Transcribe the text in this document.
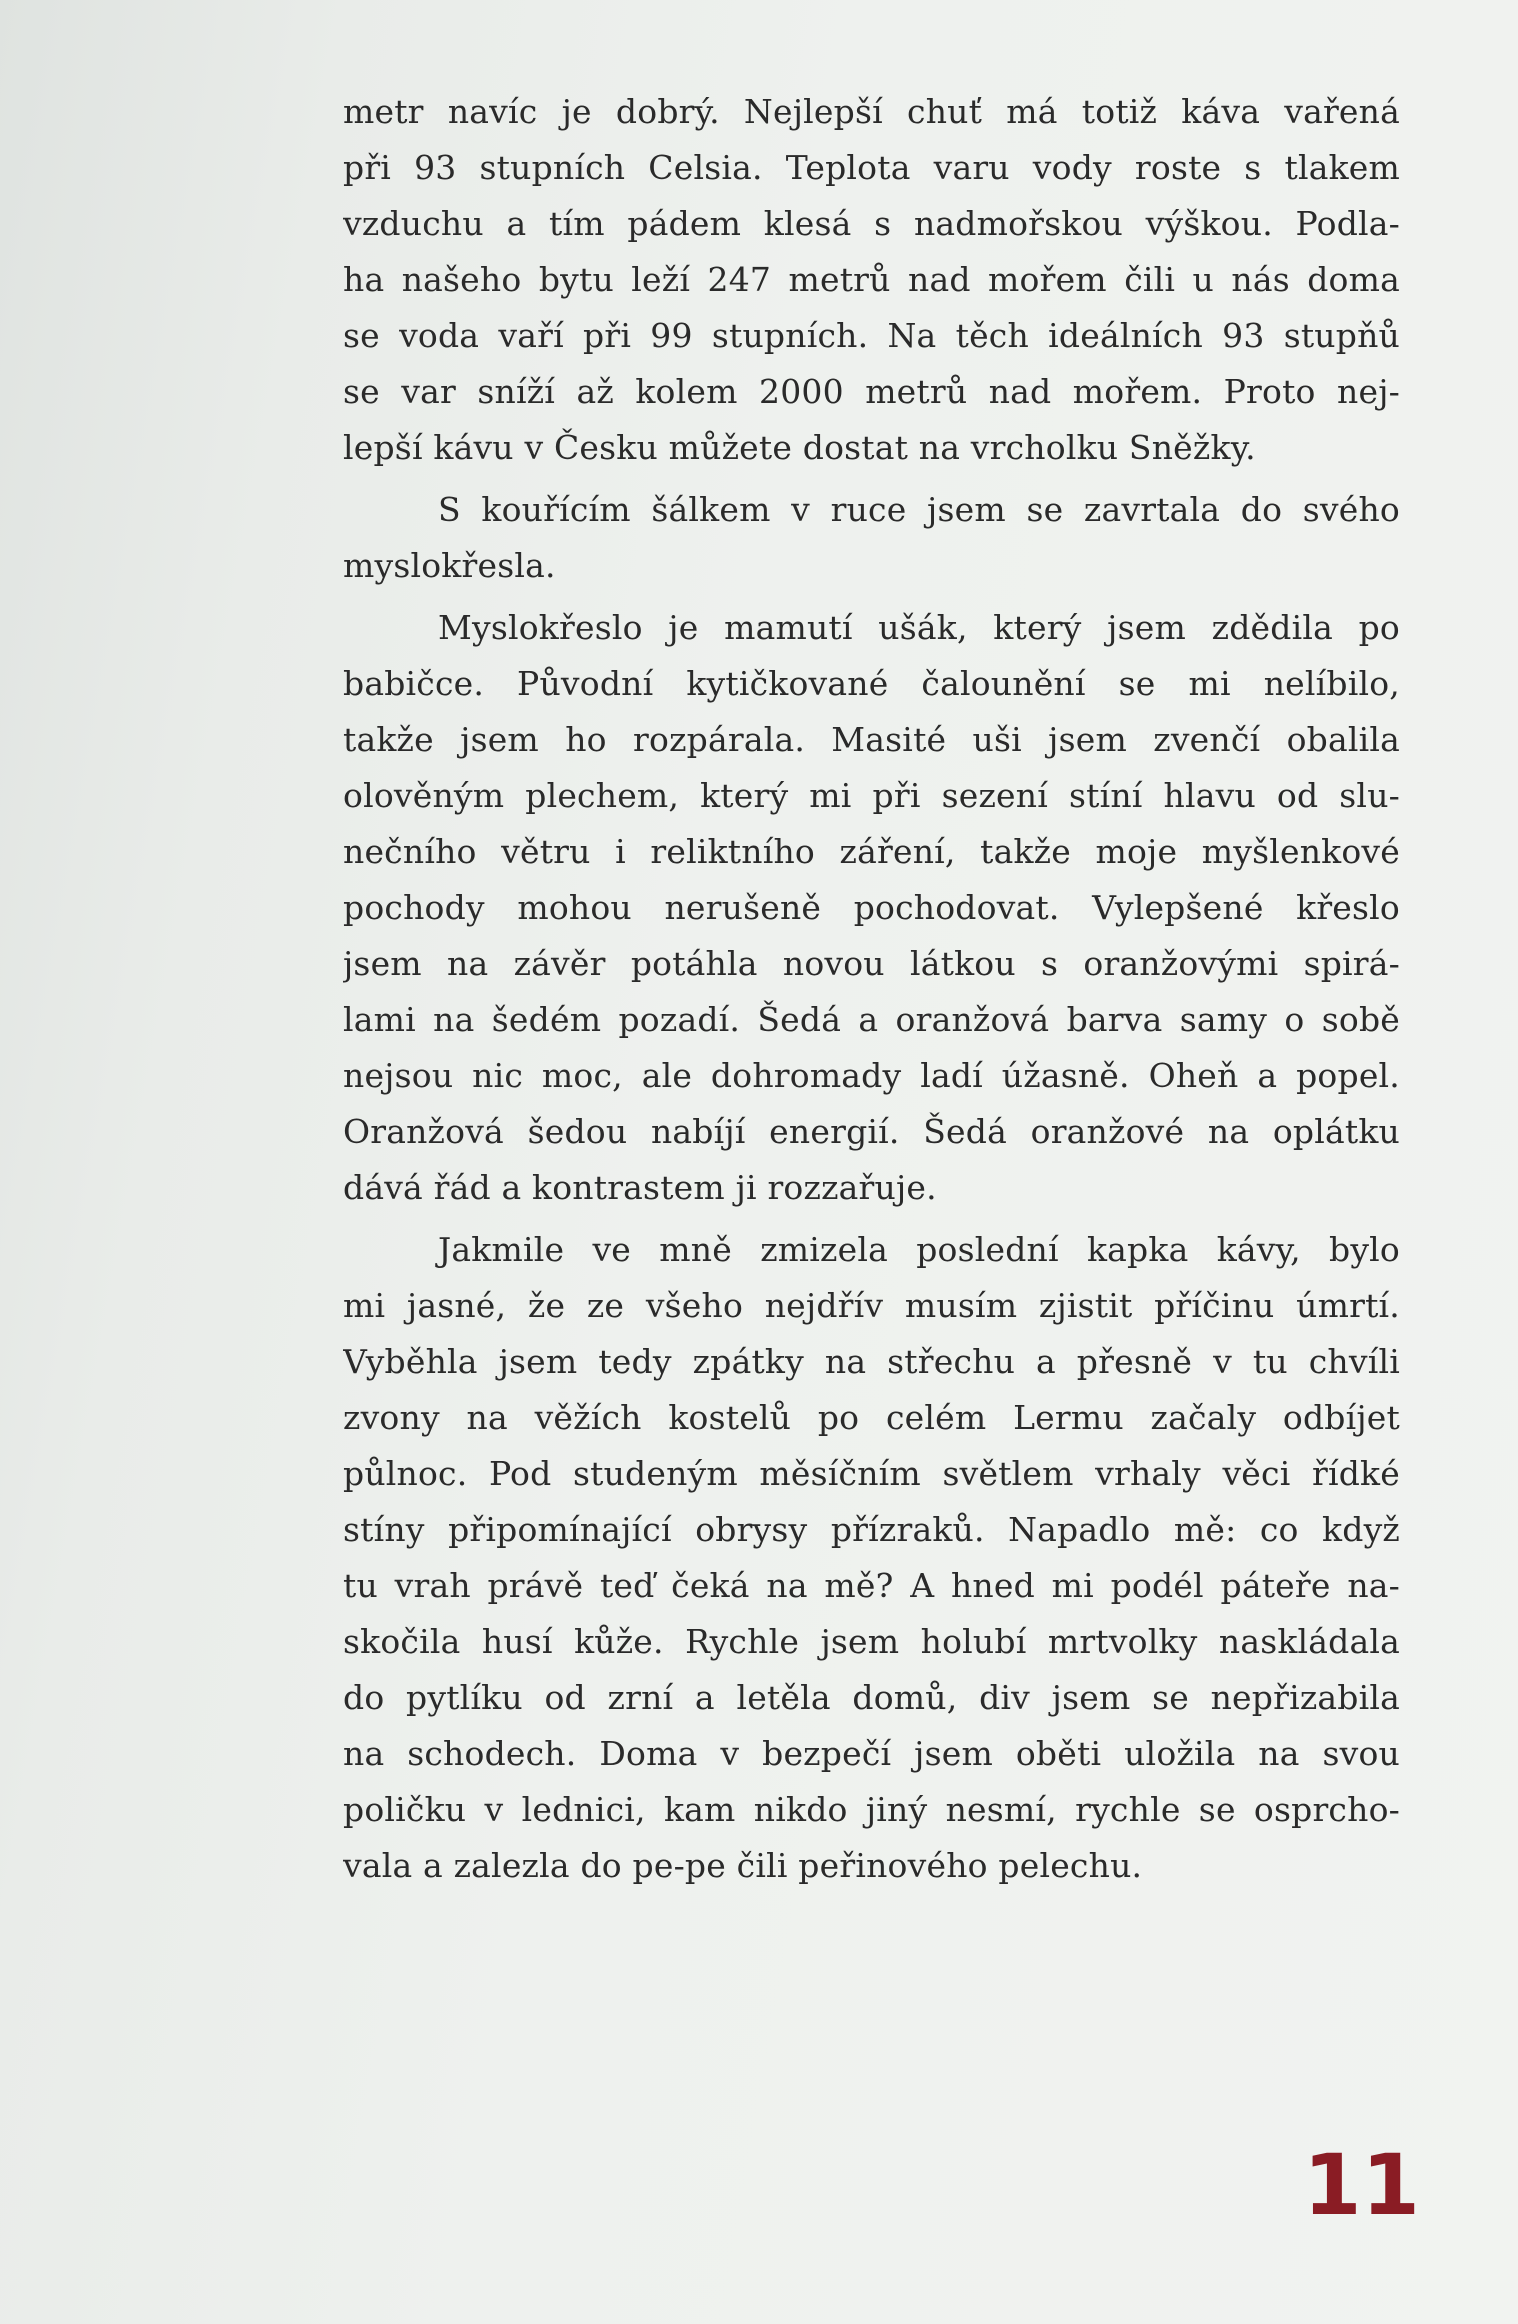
metr navíc je dobrý. Nejlepší chuť má totiž káva vařená
při 93 stupních Celsia. Teplota varu vody roste s tlakem
vzduchu a tím pádem klesá s nadmořskou výškou. Podla-
ha našeho bytu leží 247 metrů nad mořem čili u nás doma
se voda vaří při 99 stupních. Na těch ideálních 93 stupňů
se var sníží až kolem 2000 metrů nad mořem. Proto nej-
lepší kávu v Česku můžete dostat na vrcholku Sněžky.
S kouřícím šálkem v ruce jsem se zavrtala do svého
myslokřesla.
Myslokřeslo je mamutí ušák, který jsem zdědila po
babičce. Původní kytičkované čalounění se mi nelíbilo,
takže jsem ho rozpárala. Masité uši jsem zvenčí obalila
olověným plechem, který mi při sezení stíní hlavu od slu-
nečního větru i reliktního záření, takže moje myšlenkové
pochody mohou nerušeně pochodovat. Vylepšené křeslo
jsem na závěr potáhla novou látkou s oranžovými spirá-
lami na šedém pozadí. Šedá a oranžová barva samy o sobě
nejsou nic moc, ale dohromady ladí úžasně. Oheň a popel.
Oranžová šedou nabíjí energií. Šedá oranžové na oplátku
dává řád a kontrastem ji rozzařuje.
Jakmile ve mně zmizela poslední kapka kávy, bylo
mi jasné, že ze všeho nejdřív musím zjistit příčinu úmrtí.
Vyběhla jsem tedy zpátky na střechu a přesně v tu chvíli
zvony na věžích kostelů po celém Lermu začaly odbíjet
půlnoc. Pod studeným měsíčním světlem vrhaly věci řídké
stíny připomínající obrysy přízraků. Napadlo mě: co když
tu vrah právě teď čeká na mě? A hned mi podél páteře na-
skočila husí kůže. Rychle jsem holubí mrtvolky naskládala
do pytlíku od zrní a letěla domů, div jsem se nepřizabila
na schodech. Doma v bezpečí jsem oběti uložila na svou
poličku v lednici, kam nikdo jiný nesmí, rychle se osprcho-
vala a zalezla do pe-pe čili peřinového pelechu.
11
